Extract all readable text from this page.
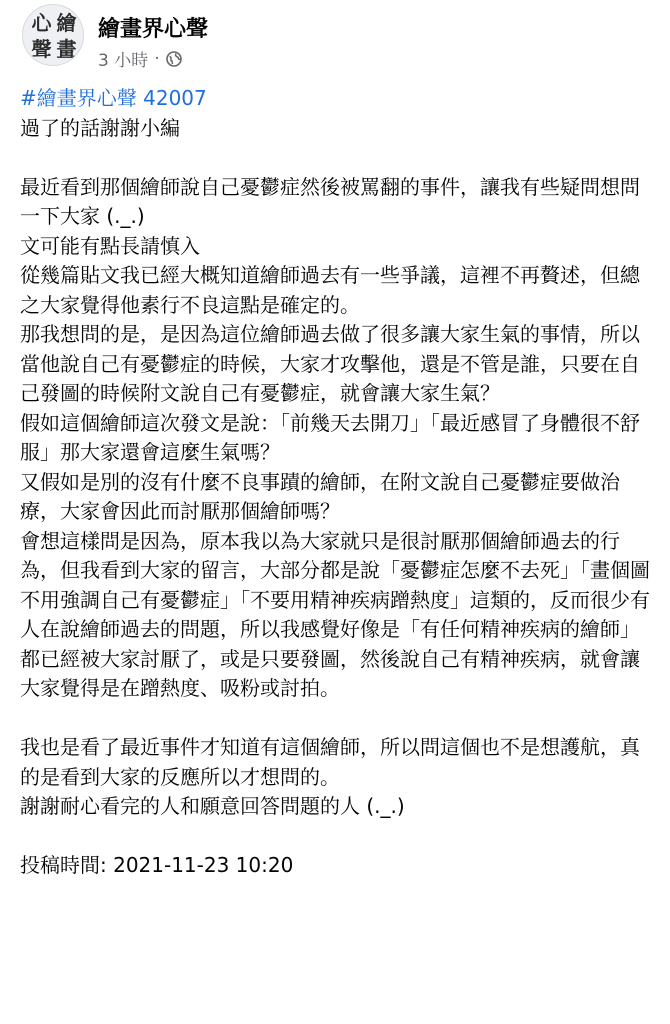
心 繪
聲 畫
繪畫界心聲
3 小時 ·

#繪畫界心聲 42007

過了的話謝謝小編

最近看到那個繪師說自己憂鬱症然後被罵翻的事件，讓我有些疑問想問一下大家 (._.)

文可能有點長請慎入

從幾篇貼文我已經大概知道繪師過去有一些爭議，這裡不再贅述，但總之大家覺得他素行不良這點是確定的。

那我想問的是，是因為這位繪師過去做了很多讓大家生氣的事情，所以當他說自己有憂鬱症的時候，大家才攻擊他，還是不管是誰，只要在自己發圖的時候附文說自己有憂鬱症，就會讓大家生氣？

假如這個繪師這次發文是說：「前幾天去開刀」「最近感冒了身體很不舒服」那大家還會這麼生氣嗎？

又假如是別的沒有什麼不良事蹟的繪師，在附文說自己憂鬱症要做治療，大家會因此而討厭那個繪師嗎？

會想這樣問是因為，原本我以為大家就只是很討厭那個繪師過去的行為，但我看到大家的留言，大部分都是說「憂鬱症怎麼不去死」「畫個圖不用強調自己有憂鬱症」「不要用精神疾病蹭熱度」這類的，反而很少有人在說繪師過去的問題，所以我感覺好像是「有任何精神疾病的繪師」都已經被大家討厭了，或是只要發圖，然後說自己有精神疾病，就會讓大家覺得是在蹭熱度、吸粉或討拍。

我也是看了最近事件才知道有這個繪師，所以問這個也不是想護航，真的是看到大家的反應所以才想問的。

謝謝耐心看完的人和願意回答問題的人 (._.)

投稿時間: 2021-11-23 10:20
